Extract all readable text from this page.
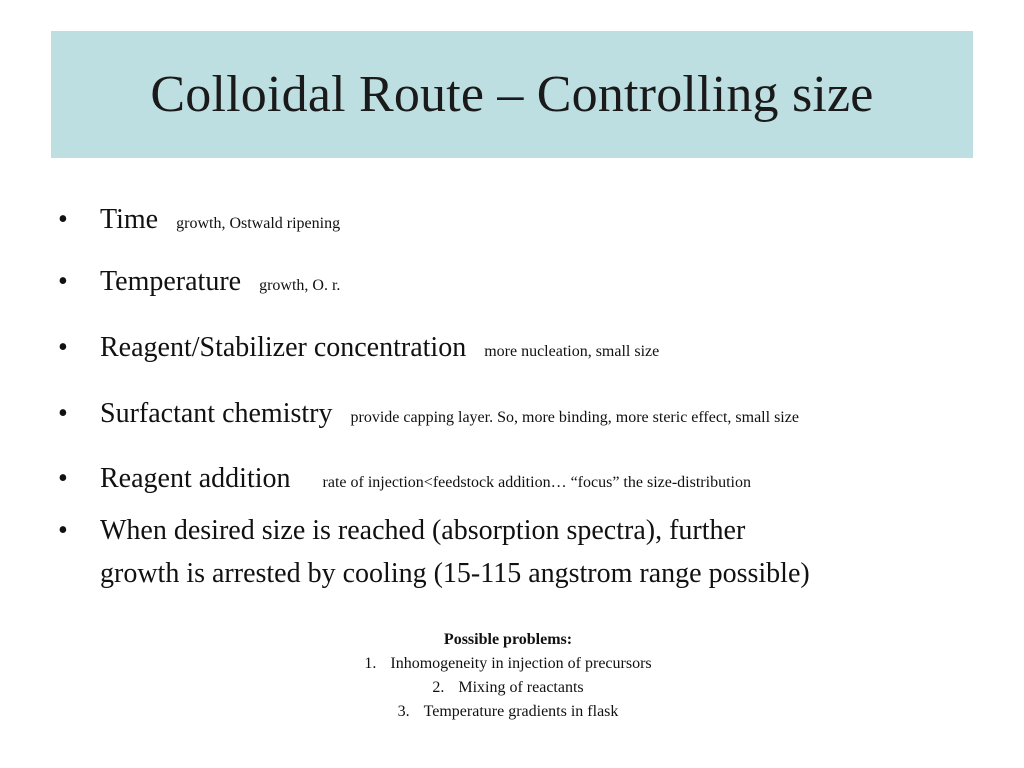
Colloidal Route – Controlling size
• Time growth, Ostwald ripening
• Temperature growth, O. r.
• Reagent/Stabilizer concentration more nucleation, small size
• Surfactant chemistry provide capping layer. So, more binding, more steric effect, small size
• Reagent addition rate of injection<feedstock addition… “focus” the size-distribution
• When desired size is reached (absorption spectra), further
growth is arrested by cooling (15-115 angstrom range possible)
Possible problems:
1. Inhomogeneity in injection of precursors
2. Mixing of reactants
3. Temperature gradients in flask
